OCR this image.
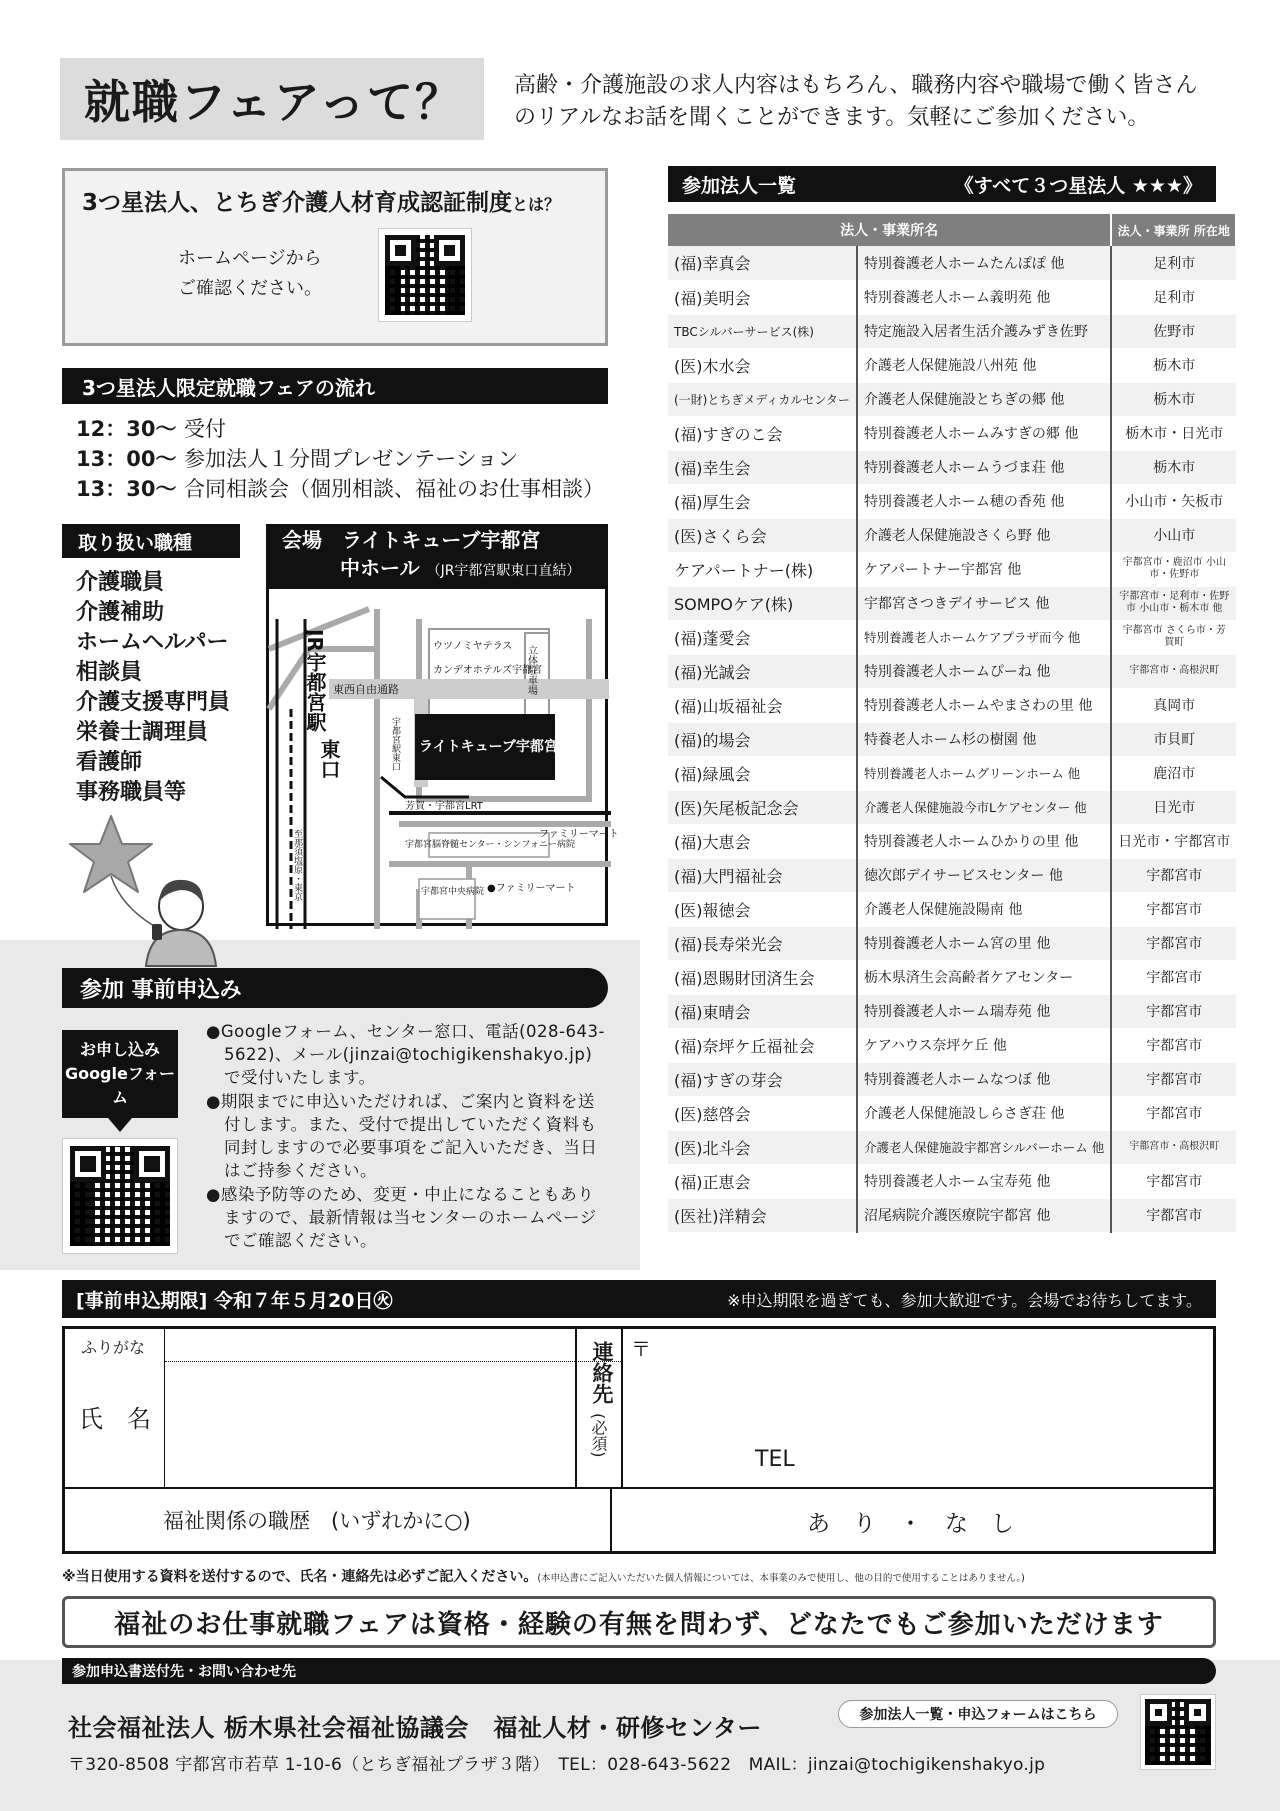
就職フェアって？	高齢・介護施設の求人内容はもちろん、職務内容や職場で働く皆さん
のリアルなお話を聞くことができます。気軽にご参加ください。
3つ星法人、とちぎ介護人材育成認証制度とは？
ホームページから
ご確認ください。
3つ星法人限定就職フェアの流れ
12：30～ 受付
13：00～ 参加法人１分間プレゼンテーション
13：30～ 合同相談会（個別相談、福祉のお仕事相談）
取り扱い職種
介護職員
介護補助
ホームヘルパー
相談員
介護支援専門員
栄養士調理員
看護師
事務職員等
会場　ライトキューブ宇都宮
中ホール （JR宇都宮駅東口直結）
JR宇都宮駅
東口
東西自由通路
ウツノミヤテラス
カンデオホテルズ宇都宮
立体駐車場
ライトキューブ宇都宮
宇都宮駅東口
芳賀・宇都宮LRT
宇都宮脳脊髄センター・シンフォニー病院
ファミリーマート
宇都宮中央病院 ●ファミリーマート
至那須塩原・東京
参加 事前申込み
お申し込みGoogleフォーム

●Googleフォーム、センター窓口、電話(028-643-5622)、メール(jinzai@tochigikenshakyo.jp)で受付いたします。

●期限までに申込いただければ、ご案内と資料を送付します。また、受付で提出していただく資料も同封しますので必要事項をご記入いただき、当日はご持参ください。

●感染予防等のため、変更・中止になることもありますので、最新情報は当センターのホームページでご確認ください。

参加法人一覧	《すべて３つ星法人 ★★★》
法人・事業所名		法人・事業所 所在地
(福)幸真会	特別養護老人ホームたんぽぽ 他	足利市
(福)美明会	特別養護老人ホーム義明苑 他	足利市
TBCシルバーサービス(株)	特定施設入居者生活介護みずき佐野	佐野市
(医)木水会	介護老人保健施設八州苑 他	栃木市
(一財)とちぎメディカルセンター	介護老人保健施設とちぎの郷 他	栃木市
(福)すぎのこ会	特別養護老人ホームみすぎの郷 他	栃木市・日光市
(福)幸生会	特別養護老人ホームうづま荘 他	栃木市
(福)厚生会	特別養護老人ホーム穂の香苑 他	小山市・矢板市
(医)さくら会	介護老人保健施設さくら野 他	小山市
ケアパートナー(株)	ケアパートナー宇都宮 他	宇都宮市・鹿沼市 小山市・佐野市
SOMPOケア(株)	宇都宮さつきデイサービス 他	宇都宮市・足利市・佐野市 小山市・栃木市 他
(福)蓬愛会	特別養護老人ホームケアプラザ而今 他	宇都宮市 さくら市・芳賀町
(福)光誠会	特別養護老人ホームぴーね 他	宇都宮市・高根沢町
(福)山坂福祉会	特別養護老人ホームやまさわの里 他	真岡市
(福)的場会	特養老人ホーム杉の樹園 他	市貝町
(福)緑風会	特別養護老人ホームグリーンホーム 他	鹿沼市
(医)矢尾板記念会	介護老人保健施設今市Lケアセンター 他	日光市
(福)大恵会	特別養護老人ホームひかりの里 他	日光市・宇都宮市
(福)大門福祉会	徳次郎デイサービスセンター 他	宇都宮市
(医)報徳会	介護老人保健施設陽南 他	宇都宮市
(福)長寿栄光会	特別養護老人ホーム宮の里 他	宇都宮市
(福)恩賜財団済生会	栃木県済生会高齢者ケアセンター	宇都宮市
(福)東晴会	特別養護老人ホーム瑞寿苑 他	宇都宮市
(福)奈坪ケ丘福祉会	ケアハウス奈坪ケ丘 他	宇都宮市
(福)すぎの芽会	特別養護老人ホームなつぼ 他	宇都宮市
(医)慈啓会	介護老人保健施設しらさぎ荘 他	宇都宮市
(医)北斗会	介護老人保健施設宇都宮シルバーホーム 他	宇都宮市・高根沢町
(福)正恵会	特別養護老人ホーム宝寿苑 他	宇都宮市
(医社)洋精会	沼尾病院介護医療院宇都宮 他	宇都宮市
[事前申込期限] 令和７年５月20日㊋	※申込期限を過ぎても、参加大歓迎です。会場でお待ちしてます。
ふりがな
氏　名
連絡先
(必須)
〒
TEL
福祉関係の職歴　(いずれかに○)	あ　り　・　な　し
※当日使用する資料を送付するので、氏名・連絡先は必ずご記入ください。(本申込書にご記入いただいた個人情報については、本事業のみで使用し、他の目的で使用することはありません。)
福祉のお仕事就職フェアは資格・経験の有無を問わず、どなたでもご参加いただけます
参加申込書送付先・お問い合わせ先
社会福祉法人 栃木県社会福祉協議会　福祉人材・研修センター
〒320-8508 宇都宮市若草 1-10-6（とちぎ福祉プラザ３階）　TEL：028-643-5622　MAIL：jinzai@tochigikenshakyo.jp
参加法人一覧・申込フォームはこちら
